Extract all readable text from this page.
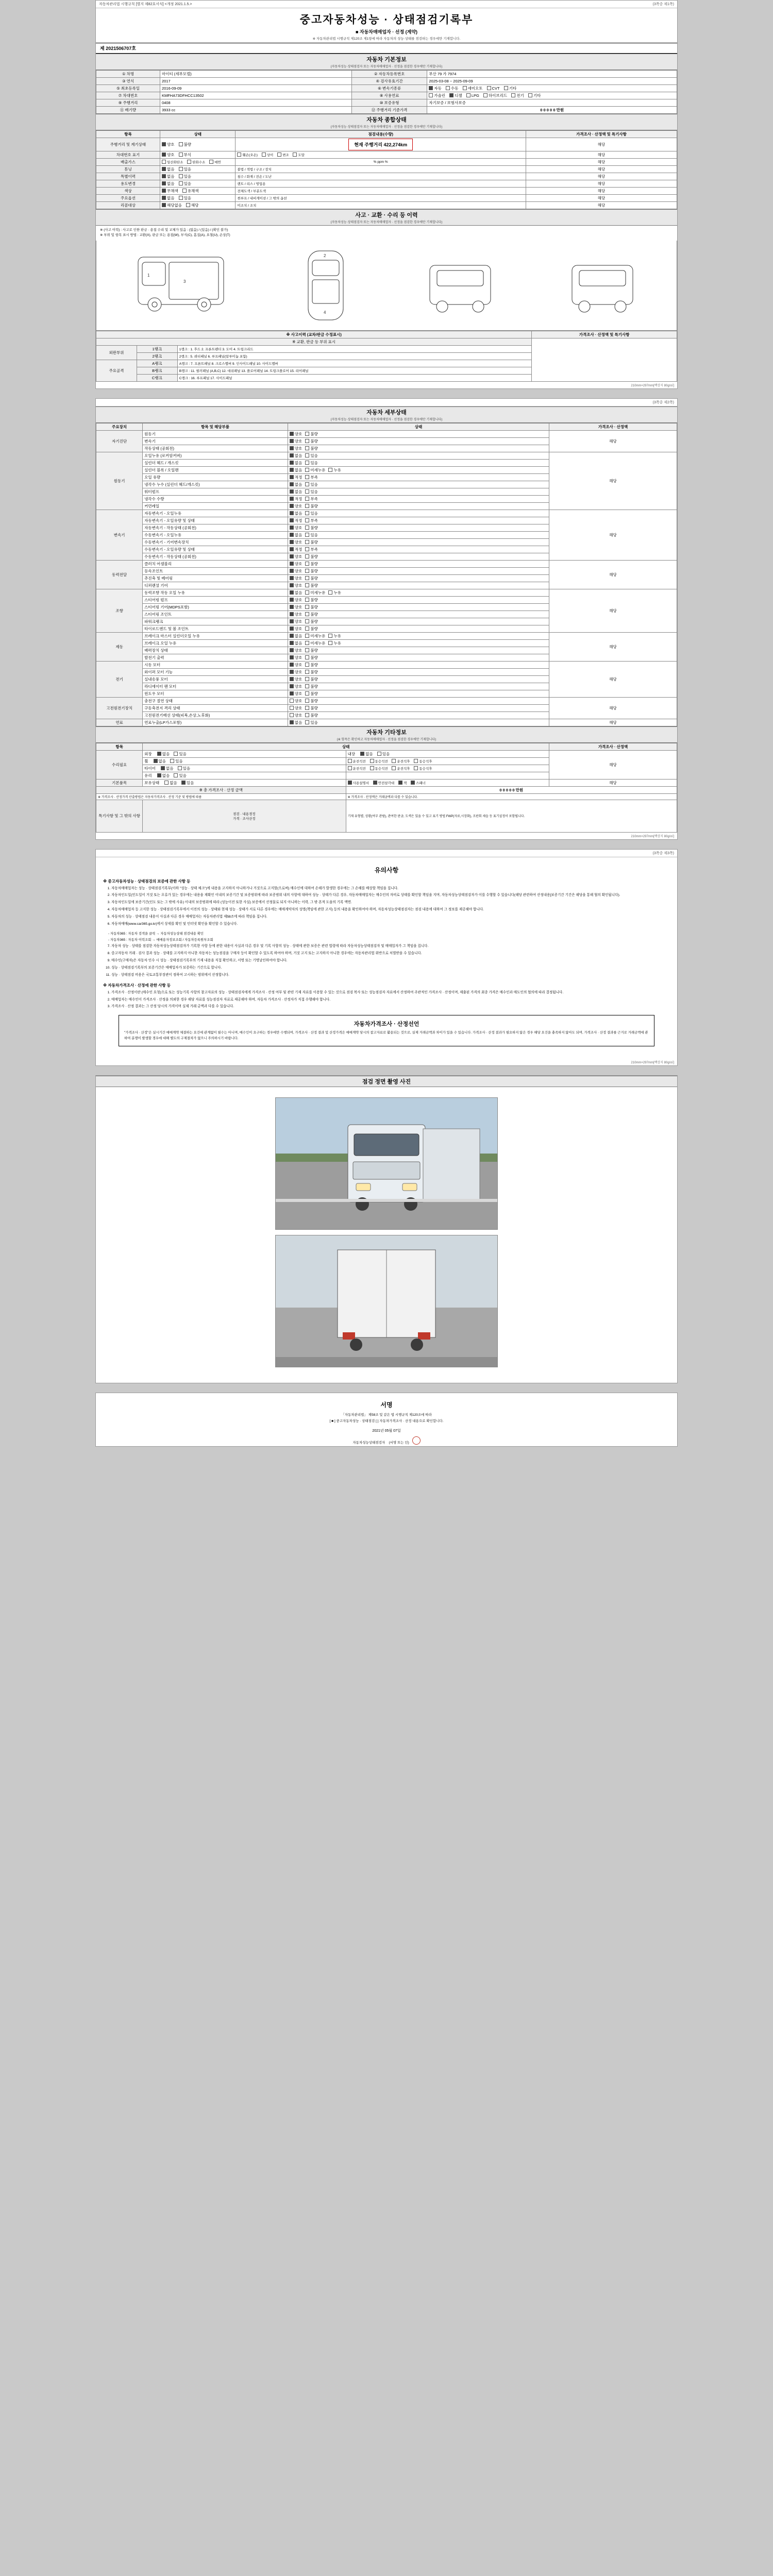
자동차관리법 시행규칙 [별지 제82호서식] <개정 2021.1.5.>	(3쪽중 제1쪽)
중고자동차성능 · 상태점검기록부
■ 자동차매매업자 · 선정 (계약)
※ 자동차관리법 시행규칙 제120조 제1항에 따라 자동차의 성능·상태를 점검하는 경우에만 기재합니다.
제 2021506707호
자동차 기본정보
(자동차성능·상태점검자 또는 자동차매매업자 · 선정을 점검한 경우에만 기재합니다)
① 차명	마이티 (세부모델)	② 자동차등록번호	부산 79 가 7974
③ 연식	2017	④ 검사유효기간	2025-03-08 ~ 2025-09-09
⑤ 최초등록일	2016-09-09	⑥ 변속기종류	자동 수동 세미오토 CVT 기타
⑦ 차대번호	KMFHA73DFHCC13502	⑧ 사용연료	가솔린 디젤 LPG 하이브리드 전기 기타
⑨ 주행거리	0408	⑩ 보증유형	자기보증 / 보험사보증
⑪ 배기량	3933 cc	⑫ 주행거리 기준가격	0 0 0 0 0 만원
자동차 종합상태
(자동차성능·상태점검자 또는 자동차매매업자 · 선정을 점검한 경우에만 기재합니다)
항목	상태	점검내용(수량)	가격조사 · 산정액 및 특기사항
주행거리 및 계기상태	양호 불량	현재 주행거리 422,274km	해당
차대번호 표기	양호 부식	훼손(오손) 상이 변조 도말	해당
배출가스	일산화탄소 탄화수소 매연	% ppm %	해당
튜닝	없음 있음	불법 / 적법 / 구조 / 장치	해당
특별이력	없음 있음	침수 / 화재 / 전손 / 도난	해당
용도변경	없음 있음	렌트 / 리스 / 영업용	해당
색상	무채색 유채색	전체도색 / 부분도색	해당
주요옵션	없음 있음	썬루프 / 내비게이션 / 그 밖의 옵션	해당
리콜대상	해당없음 해당	미조치 / 조치	해당
사고 · 교환 · 수리 등 이력
(자동차성능·상태점검자 또는 자동차매매업자 · 선정을 점검한 경우에만 기재합니다)
※ (사고 이력) : 사고로 인한 판금 · 용접 수리 및 교체가 있음 : (없음) / (있음) / (확인 불가)
※ 부위 및 항목 표시 방법 : 교환(X), 판금 또는 용접(W), 부식(C), 흠집(A), 요철(U), 손상(T)
1
3
2
4
※ 사고이력 (교차/판금 수정표시)			가격조사 · 산정액 및 특기사항
※ 교환, 판금 등 부위 표시			
외판부위	1랭크	1랭크 : 1. 후드 2. 프론트펜더 3. 도어 4. 트렁크리드	
	2랭크	2랭크 : 5. 쿼터패널 6. 루프패널(알루미늄 포함)	
주요골격	A랭크	A랭크 : 7. 프론트패널 8. 크로스멤버 9. 인사이드패널 10. 사이드멤버	
	B랭크	B랭크 : 11. 필러패널 (A,B,C) 12. 대쉬패널 13. 플로어패널 14. 트렁크플로어 15. 리어패널	
	C랭크	C랭크 : 16. 루프패널 17. 사이드패널	
210mm×297mm[백상지 80g/㎡]
(3쪽중 제2쪽)
자동차 세부상태
(자동차성능·상태점검자 또는 자동차매매업자 · 선정을 점검한 경우에만 기재합니다)
주요장치	항목 및 해당부품	상태	가격조사 · 산정액
자기진단	원동기	양호 불량	해당
	변속기	양호 불량	
	작동상태 (공회전)	양호 불량	
원동기	오일누유 (로커암커버)	없음 있음	해당
	실린더 헤드 / 개스킷	없음 있음	
	실린더 블록 / 오일팬	없음 미세누유 누유	
	오일 유량	적정 부족	
	냉각수 누수 (실린더 헤드/개스킷)	없음 있음	
	워터펌프	없음 있음	
	냉각수 수량	적정 부족	
	커먼레일	양호 불량	
변속기	자동변속기 - 오일누유	없음 있음	해당
	자동변속기 - 오일유량 및 상태	적정 부족	
	자동변속기 - 작동상태 (공회전)	양호 불량	
	수동변속기 - 오일누유	없음 있음	
	수동변속기 - 기어변속장치	양호 불량	
	수동변속기 - 오일유량 및 상태	적정 부족	
	수동변속기 - 작동상태 (공회전)	양호 불량	
동력전달	클러치 어셈블리	양호 불량	해당
	등속조인트	양호 불량	
	추진축 및 베어링	양호 불량	
	디퍼렌셜 기어	양호 불량	
조향	동력조향 작동 오일 누유	없음 미세누유 누유	해당
	스티어링 펌프	양호 불량	
	스티어링 기어(MDPS포함)	양호 불량	
	스티어링 조인트	양호 불량	
	파워크랭크	양호 불량	
	타이로드엔드 및 볼 조인트	양호 불량	
제동	브레이크 마스터 실린더오일 누유	없음 미세누유 누유	해당
	브레이크 오일 누유	없음 미세누유 누유	
	배력장치 상태	양호 불량	
	발전기 출력	양호 불량	
전기	시동 모터	양호 불량	해당
	와이퍼 모터 기능	양호 불량	
	실내송풍 모터	양호 불량	
	라디에이터 팬 모터	양호 불량	
	윈도우 모터	양호 불량	
고전원전기장치	충전구 절연 상태	양호 불량	해당
	구동축전지 격리 상태	양호 불량	
	고전원전기배선 상태(피복,손상,노후화)	양호 불량	
연료	연료누출(LP가스포함)	없음 있음	해당
자동차 기타정보
(※ 항목은 확인하고 자동차매매업자 · 선정을 점검한 경우에만 기재합니다)
항목	상태		가격조사 · 산정액
수리필요	외장 없음 있음	내장 없음 있음	해당
	휠 없음 있음	운전석전 동승석전 운전석후 동승석후	
	타이어 없음 있음	운전석전 동승석전 운전석후 동승석후	
	유리 없음 있음		
기본품목	보유상태 없음 있음	사용설명서 안전삼각대 잭 스패너	해당
※ 총 가격조사 · 산정 금액		0 0 0 0 0 만원	
※ 가격조사 · 산정가격 산출방법은 자동차가격조사 · 산정 기준 및 방법에 따름		※ 가격조사 · 산정액은 거래금액과 다를 수 있습니다.	
특기사항 및 그 밖의 사항	점검 · 내용경정
가격 · 조사산정	기재 유형별, 상환(여부 관람), 관여한 판금, 도색은 있을 수 있고 표기 방법 FWP(자료,시장화), 조판회 세습 등 표기설정이 포함됩니다.	
210mm×297mm[백상지 80g/㎡]
(3쪽중 제3쪽)
유의사항
※ 중고자동차성능 · 상태점검의 보증에 관한 사항 등
1. 자동차매매업자는 성능 · 상태점검기록부(이하 "성능 · 상태 체크")에 내용을 고지하지 아니하거나 거짓으로 고지할(으로써) 매수인에 대하여 손해가 발생한 경우에는 그 손해를 배상할 책임을 집니다.
2. 자동차인도일(인도일이 거짓 또는 오류가 있는 경우에는 내용을 재확인 이내의 보증기간 및 보증범위에 따라 보증범위 내의 사항에 대하여 성능 · 상태가 다른 경우, 자동차매매업자는 매수인의 자비로 상태를 확인할 책임을 지며, 자동차성능상태점검자가 이를 수행할 수 있습니다(해당 관련하여 산정내용[보증기간 기간은 해당을 통해 협의 확인됩니다).
3. 자동차인도일에 보증기간(인도 또는 그 밖에 사유) 이내의 보증범위에 따라 (성능이전 또한 사실) 보증에서 선정물로 되지 아니하는 이력, 그 밖 본적 도움의 기록 액면.
4. 자동차매매업자 등 고지한 성능 · 상태점검기록부에서 이전의 성능 · 상태와 현재 성능 · 상태가 서로 다른 경우에는 매매계약자의 성명(책임에 관한 고지) 등의 내용을 확인하여야 하며, 자동차성능상태점검자는 점검 내용에 대하여 그 정보를 제공해야 합니다.
5. 자동차의 성능 · 상태점검 내용이 사실과 다른 경우 매매업자는 자동차관리법 제58조에 따라 책임을 집니다.
6. 자동차매매(www.car365.go.kr)에서 상세를 확인 및 인터넷 확인을 확인할 수 있습니다.

- 자동차365 : 자동차 검색을 클릭 → 자동차성능상태 점검내용 확인

- 자동차365 : 자동차 이력조회 → 매매용자정보조회 / 자동차등록원부조회

7. 자동차 성능 · 상태를 점검한 자동차성능상태점검자가 기록한 사항 등에 관한 내용이 사실과 다른 경우 및 기록 사항의 성능 · 상태에 관한 보증은 관련 법령에 따라 자동차성능상태점검자 및 매매업자가 그 책임을 집니다.
8. 중고자동차 거래 · 검사 결과 성능 · 상태를 고지하지 아니한 자동차는 성능점검을 구매자 등이 확인할 수 있도록 하여야 하며, 거짓 고지 또는 고지하지 아니한 경우에는 자동차관리법 위반으로 처벌받을 수 있습니다.
9. 매수인(구매자)은 자동차 인수 시 성능 · 상태점검기록부의 기재 내용을 직접 확인하고, 서명 또는 기명날인하여야 합니다.
10. 성능 · 상태점검기록부의 보증기간은 매매업자가 보증하는 기간으로 합니다.
11. 성능 · 상태점검 비용은 국토교통부장관이 정하여 고시하는 범위에서 산정합니다.
※ 자동차가격조사 · 산정에 관한 사항 등
1. 가격조사 · 산정이란 (매수인 요청)으로 또는 성능기록 사항의 참고자료의 성능 · 상태점검자에게 가격조사 · 산정 여부 및 관련 기재 자료를 이용할 수 있는 것으로 점검 복사 또는 성능점검자 자료에서 산정하여 주관적인 가격조사 · 산정이며, 제출된 가격의 최종 가격은 매수인과 매도인의 협의에 따라 결정됩니다.
2. 매매업자는 매수인이 가격조사 · 산정을 의뢰한 경우 해당 자료를 성능점검자 자료로 제공해야 하며, 자동차 가격조사 · 산정자가 직접 수행해야 합니다.
3. 가격조사 · 산정 결과는 그 산정 당시의 가격이며 실제 거래 금액과 다를 수 있습니다.
자동차가격조사 · 산정선언
"가격조사 · 산정"은 실시기간 매매계약 체결하는 요건에 관계없이 필수는 아니며, 매수인이 요구하는 경우에만 수행되며, 가격조사 · 산정 결과 및 산정가격은 매매계약 당시의 참고자료로 활용되는 것으로, 실제 거래금액과 차이가 있을 수 있습니다. 가격조사 · 산정 결과가 필요하지 않은 경우 해당 요건을 충족하지 않아도 되며, 가격조사 · 산정 결과를 근거로 거래금액에 관하여 분쟁이 발생할 경우에 대해 별도의 구제절차가 없으니 주의하시기 바랍니다.
210mm×297mm[백상지 80g/㎡]
점검 정면 촬영 사진
서명
「자동차관리법」 제58조 및 같은 법 시행규칙 제120조에 따라
[ ■ ] 중고자동차성능 · 상태점검 [ ] 자동차가격조사 · 산정 내용으로 확인합니다.
2021년 05월 07일
자동차성능상태점검자 (서명 또는 인)
